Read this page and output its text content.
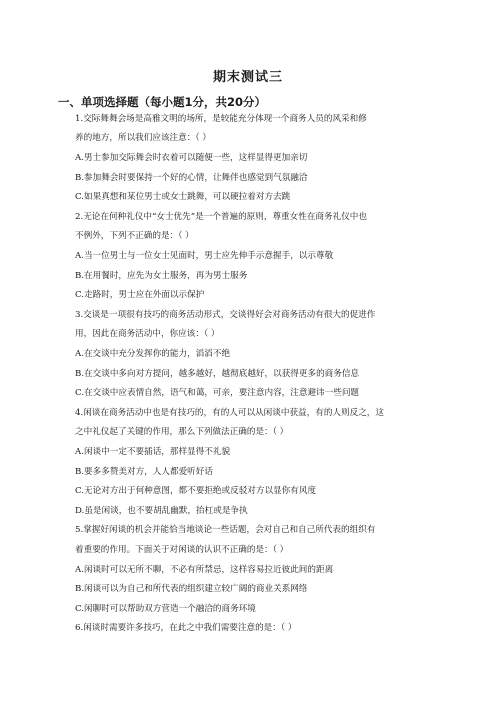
期末测试三
一、单项选择题（每小题1分，共20分）
1.交际舞舞会场是高雅文明的场所，是较能充分体现一个商务人员的风采和修
养的地方，所以我们应该注意：（ ）
A.男士参加交际舞会时衣着可以随便一些，这样显得更加亲切
B.参加舞会时要保持一个好的心情，让舞伴也感觉到气氛融洽
C.如果真想和某位男士或女士跳舞，可以硬拉着对方去跳
2.无论在何种礼仪中“女士优先”是一个普遍的原则，尊重女性在商务礼仪中也
不例外，下列不正确的是：（ ）
A.当一位男士与一位女士见面时，男士应先伸手示意握手，以示尊敬
B.在用餐时，应先为女士服务，再为男士服务
C.走路时，男士应在外面以示保护
3.交谈是一项很有技巧的商务活动形式，交谈得好会对商务活动有很大的促进作
用，因此在商务活动中，你应该：（ ）
A.在交谈中充分发挥你的能力，滔滔不绝
B.在交谈中多向对方提问，越多越好，越彻底越好，以获得更多的商务信息
C.在交谈中应表情自然，语气和蔼，可亲，要注意内容，注意避讳一些问题
4.闲谈在商务活动中也是有技巧的，有的人可以从闲谈中获益，有的人则反之，这
之中礼仪起了关键的作用，那么下列做法正确的是：（ ）
A.闲谈中一定不要插话，那样显得不礼貌
B.要多多赞美对方，人人都爱听好话
C.无论对方出于何种意图，都不要拒绝或反驳对方以显你有风度
D.虽是闲谈，也不要胡乱幽默，抬杠或是争执
5.掌握好闲谈的机会并能恰当地谈论一些话题，会对自己和自己所代表的组织有
着重要的作用。下面关于对闲谈的认识不正确的是：（ ）
A.闲谈时可以无所不聊，不必有所禁忌，这样容易拉近彼此间的距离
B.闲谈可以为自己和所代表的组织建立较广阔的商业关系网络
C.闲聊时可以帮助双方营造一个融洽的商务环境
6.闲谈时需要许多技巧，在此之中我们需要注意的是：（ ）
